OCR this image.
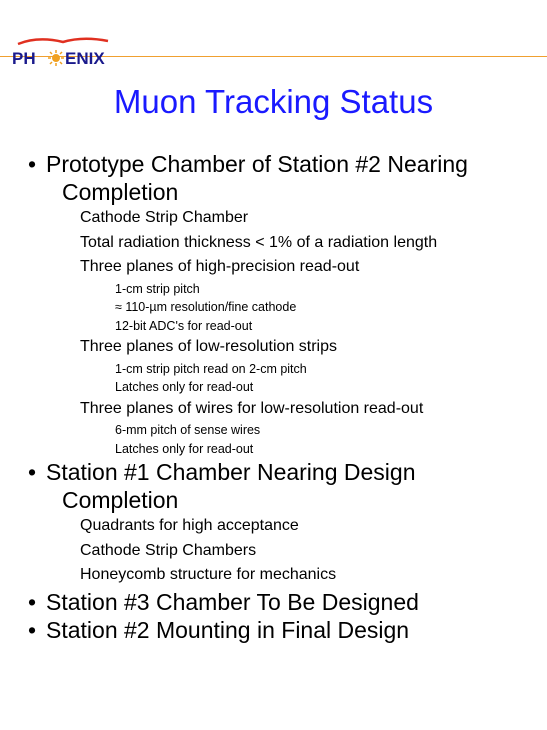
PH ENIX
Muon Tracking Status
• Prototype Chamber of Station #2 Nearing
Completion
Cathode Strip Chamber
Total radiation thickness < 1% of a radiation length
Three planes of high-precision read-out
1-cm strip pitch
≈ 110-µm resolution/fine cathode
12-bit ADC's for read-out
Three planes of low-resolution strips
1-cm strip pitch read on 2-cm pitch
Latches only for read-out
Three planes of wires for low-resolution read-out
6-mm pitch of sense wires
Latches only for read-out
• Station #1 Chamber Nearing Design
Completion
Quadrants for high acceptance
Cathode Strip Chambers
Honeycomb structure for mechanics
• Station #3 Chamber To Be Designed
• Station #2 Mounting in Final Design
